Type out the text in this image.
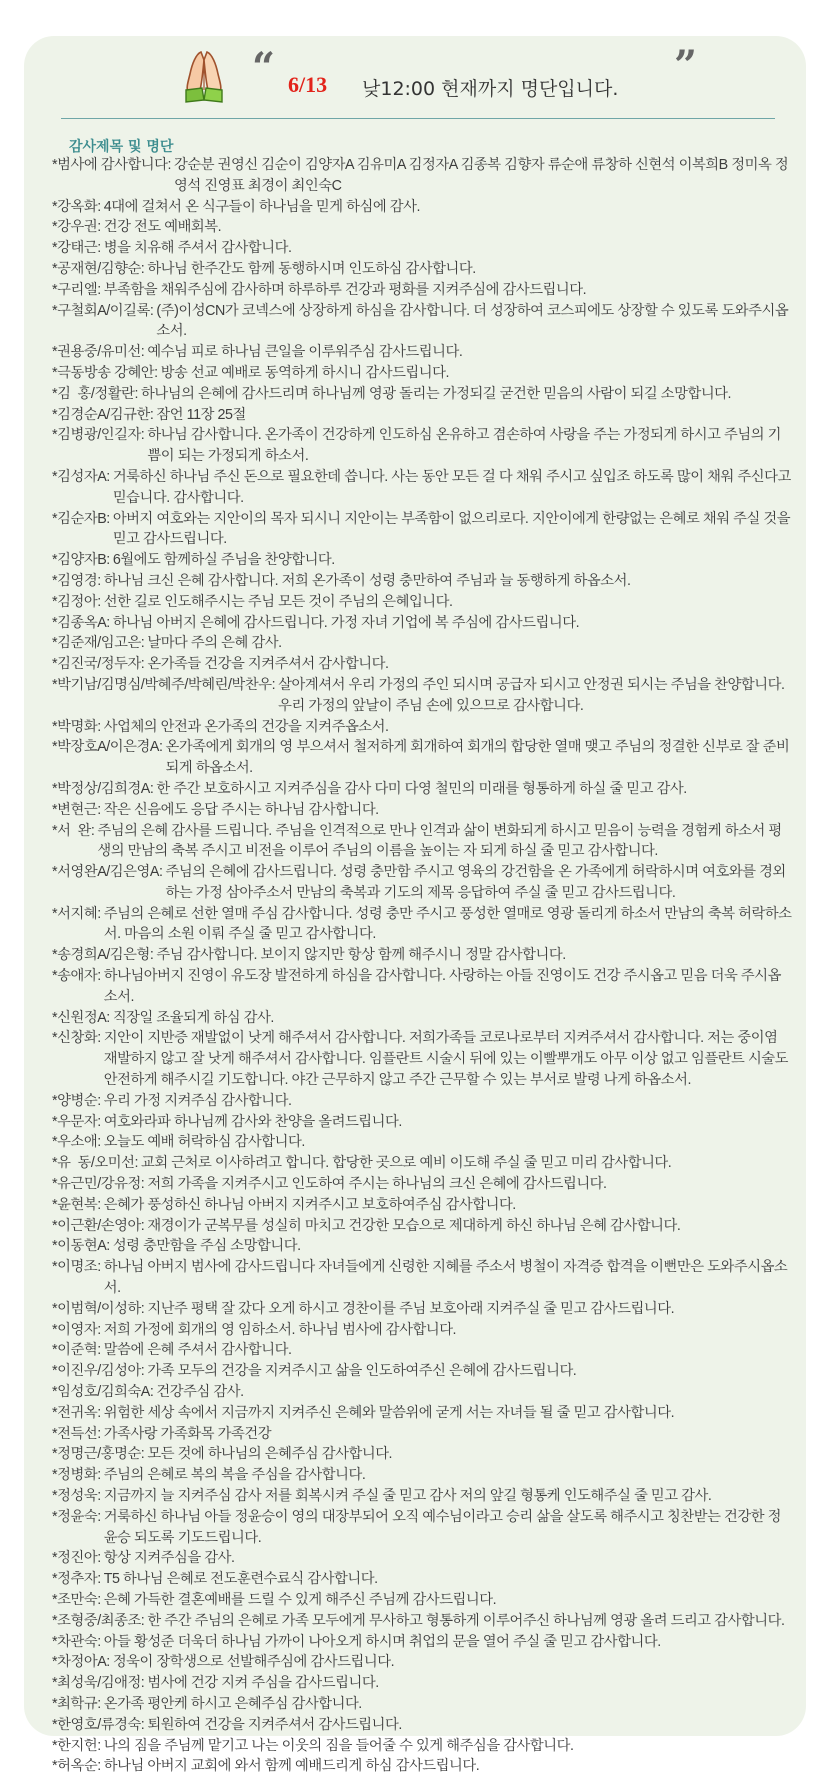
“ 6/13 낮12:00 현재까지 명단입니다. ”
감사제목 및 명단
*범사에 감사합니다: 강순분 권영신 김순이 김양자A 김유미A 김정자A 김종복 김향자 류순애 류창하 신현석 이복희B 정미옥 정영석 진영표 최경이 최인숙C
*강옥화: 4대에 걸쳐서 온 식구들이 하나님을 믿게 하심에 감사.
*강우권: 건강 전도 예배회복.
*강태근: 병을 치유해 주셔서 감사합니다.
*공재현/김향순: 하나님 한주간도 함께 동행하시며 인도하심 감사합니다.
*구리엘: 부족함을 채워주심에 감사하며 하루하루 건강과 평화를 지켜주심에 감사드립니다.
*구철회A/이길록: (주)이성CN가 코넥스에 상장하게 하심을 감사합니다. 더 성장하여 코스피에도 상장할 수 있도록 도와주시옵소서.
*권용중/유미선: 예수님 피로 하나님 큰일을 이루워주심 감사드립니다.
*극동방송 강혜안: 방송 선교 예배로 동역하게 하시니 감사드립니다.
*김  홍/정활란: 하나님의 은혜에 감사드리며 하나님께 영광 돌리는 가정되길 굳건한 믿음의 사람이 되길 소망합니다.
*김경순A/김규한: 잠언 11장 25절
*김병광/인길자: 하나님 감사합니다. 온가족이 건강하게 인도하심 온유하고 겸손하여 사랑을 주는 가정되게 하시고 주님의 기쁨이 되는 가정되게 하소서.
*김성자A: 거룩하신 하나님 주신 돈으로 필요한데 씁니다. 사는 동안 모든 걸 다 채워 주시고 싶입조 하도록 많이 채워 주신다고 믿습니다. 감사합니다.
*김순자B: 아버지 여호와는 지안이의 목자 되시니 지안이는 부족함이 없으리로다. 지안이에게 한량없는 은혜로 채워 주실 것을 믿고 감사드립니다.
*김양자B: 6월에도 함께하실 주님을 찬양합니다.
*김영경: 하나님 크신 은혜 감사합니다. 저희 온가족이 성령 충만하여 주님과 늘 동행하게 하옵소서.
*김정아: 선한 길로 인도해주시는 주님 모든 것이 주님의 은혜입니다.
*김종옥A: 하나님 아버지 은혜에 감사드립니다. 가정 자녀 기업에 복 주심에 감사드립니다.
*김준재/임고은: 날마다 주의 은혜 감사.
*김진국/정두자: 온가족들 건강을 지켜주셔서 감사합니다.
*박기남/김명심/박혜주/박혜린/박찬우: 살아계셔서 우리 가정의 주인 되시며 공급자 되시고 안정권 되시는 주님을 찬양합니다. 우리 가정의 앞날이 주님 손에 있으므로 감사합니다.
*박명화: 사업체의 안전과 온가족의 건강을 지켜주옵소서.
*박장호A/이은경A: 온가족에게 회개의 영 부으셔서 철저하게 회개하여 회개의 합당한 열매 맺고 주님의 정결한 신부로 잘 준비되게 하옵소서.
*박정상/김희경A: 한 주간 보호하시고 지켜주심을 감사 다미 다영 철민의 미래를 형통하게 하실 줄 믿고 감사.
*변현근: 작은 신음에도 응답 주시는 하나님 감사합니다.
*서  완: 주님의 은혜 감사를 드립니다. 주님을 인격적으로 만나 인격과 삶이 변화되게 하시고 믿음이 능력을 경험케 하소서 평생의 만남의 축복 주시고 비전을 이루어 주님의 이름을 높이는 자 되게 하실 줄 믿고 감사합니다.
*서영완A/김은영A: 주님의 은혜에 감사드립니다. 성령 충만함 주시고 영육의 강건함을 온 가족에게 허락하시며 여호와를 경외하는 가정 삼아주소서 만남의 축복과 기도의 제목 응답하여 주실 줄 믿고 감사드립니다.
*서지혜: 주님의 은혜로 선한 열매 주심 감사합니다. 성령 충만 주시고 풍성한 열매로 영광 돌리게 하소서 만남의 축복 허락하소서. 마음의 소원 이뤄 주실 줄 믿고 감사합니다.
*송경희A/김은형: 주님 감사합니다. 보이지 않지만 항상 함께 해주시니 정말 감사합니다.
*송애자: 하나님아버지 진영이 유도장 발전하게 하심을 감사합니다. 사랑하는 아들 진영이도 건강 주시옵고 믿음 더욱 주시옵소서.
*신원정A: 직장일 조율되게 하심 감사.
*신창화: 지안이 지반증 재발없이 낫게 해주셔서 감사합니다. 저희가족들 코로나로부터 지켜주셔서 감사합니다. 저는 중이염 재발하지 않고 잘 낫게 해주셔서 감사합니다. 임플란트 시술시 뒤에 있는 이빨뿌개도 아무 이상 없고 임플란트 시술도 안전하게 해주시길 기도합니다. 야간 근무하지 않고 주간 근무할 수 있는 부서로 발령 나게 하옵소서.
*양병순: 우리 가정 지켜주심 감사합니다.
*우문자: 여호와라파 하나님께 감사와 찬양을 올려드립니다.
*우소애: 오늘도 예배 허락하심 감사합니다.
*유  동/오미선: 교회 근처로 이사하려고 합니다. 합당한 곳으로 예비 이도해 주실 줄 믿고 미리 감사합니다.
*유근민/강유정: 저희 가족을 지켜주시고 인도하여 주시는 하나님의 크신 은혜에 감사드립니다.
*윤현복: 은혜가 풍성하신 하나님 아버지 지켜주시고 보호하여주심 감사합니다.
*이근환/손영아: 재경이가 군복무를 성실히 마치고 건강한 모습으로 제대하게 하신 하나님 은혜 감사합니다.
*이동현A: 성령 충만함을 주심 소망합니다.
*이명조: 하나님 아버지 범사에 감사드립니다 자녀들에게 신령한 지혜를 주소서 병철이 자격증 합격을 이뻔만은 도와주시옵소서.
*이범혁/이성하: 지난주 평택 잘 갔다 오게 하시고 경찬이를 주님 보호아래 지켜주실 줄 믿고 감사드립니다.
*이영자: 저희 가정에 회개의 영 임하소서. 하나님 범사에 감사합니다.
*이준혁: 말씀에 은혜 주셔서 감사합니다.
*이진우/김성아: 가족 모두의 건강을 지켜주시고 삶을 인도하여주신 은혜에 감사드립니다.
*임성호/김희숙A: 건강주심 감사.
*전귀옥: 위험한 세상 속에서 지금까지 지켜주신 은혜와 말씀위에 굳게 서는 자녀들 될 줄 믿고 감사합니다.
*전득선: 가족사랑 가족화목 가족건강
*정명근/홍명순: 모든 것에 하나님의 은혜주심 감사합니다.
*정병화: 주님의 은혜로 복의 복을 주심을 감사합니다.
*정성욱: 지금까지 늘 지켜주심 감사 저를 회복시켜 주실 줄 믿고 감사 저의 앞길 형통케 인도해주실 줄 믿고 감사.
*정윤숙: 거룩하신 하나님 아들 정윤승이 영의 대장부되어 오직 예수님이라고 승리 삶을 살도록 해주시고 칭찬받는 건강한 정윤승 되도록 기도드립니다.
*정진아: 항상 지켜주심을 감사.
*정추자: T5 하나님 은혜로 전도훈련수료식 감사합니다.
*조만숙: 은혜 가득한 결혼예배를 드릴 수 있게 해주신 주님께 감사드립니다.
*조형중/최종조: 한 주간 주님의 은혜로 가족 모두에게 무사하고 형통하게 이루어주신 하나님께 영광 올려 드리고 감사합니다.
*차관숙: 아들 황성준 더욱더 하나님 가까이 나아오게 하시며 취업의 문을 열어 주실 줄 믿고 감사합니다.
*차정아A: 정욱이 장학생으로 선발해주심에 감사드립니다.
*최성욱/김애정: 범사에 건강 지켜 주심을 감사드립니다.
*최학규: 온가족 평안케 하시고 은혜주심 감사합니다.
*한영호/류경숙: 퇴원하여 건강을 지켜주셔서 감사드립니다.
*한지헌: 나의 짐을 주님께 맡기고 나는 이웃의 짐을 들어줄 수 있게 해주심을 감사합니다.
*허옥순: 하나님 아버지 교회에 와서 함께 예배드리게 하심 감사드립니다.
